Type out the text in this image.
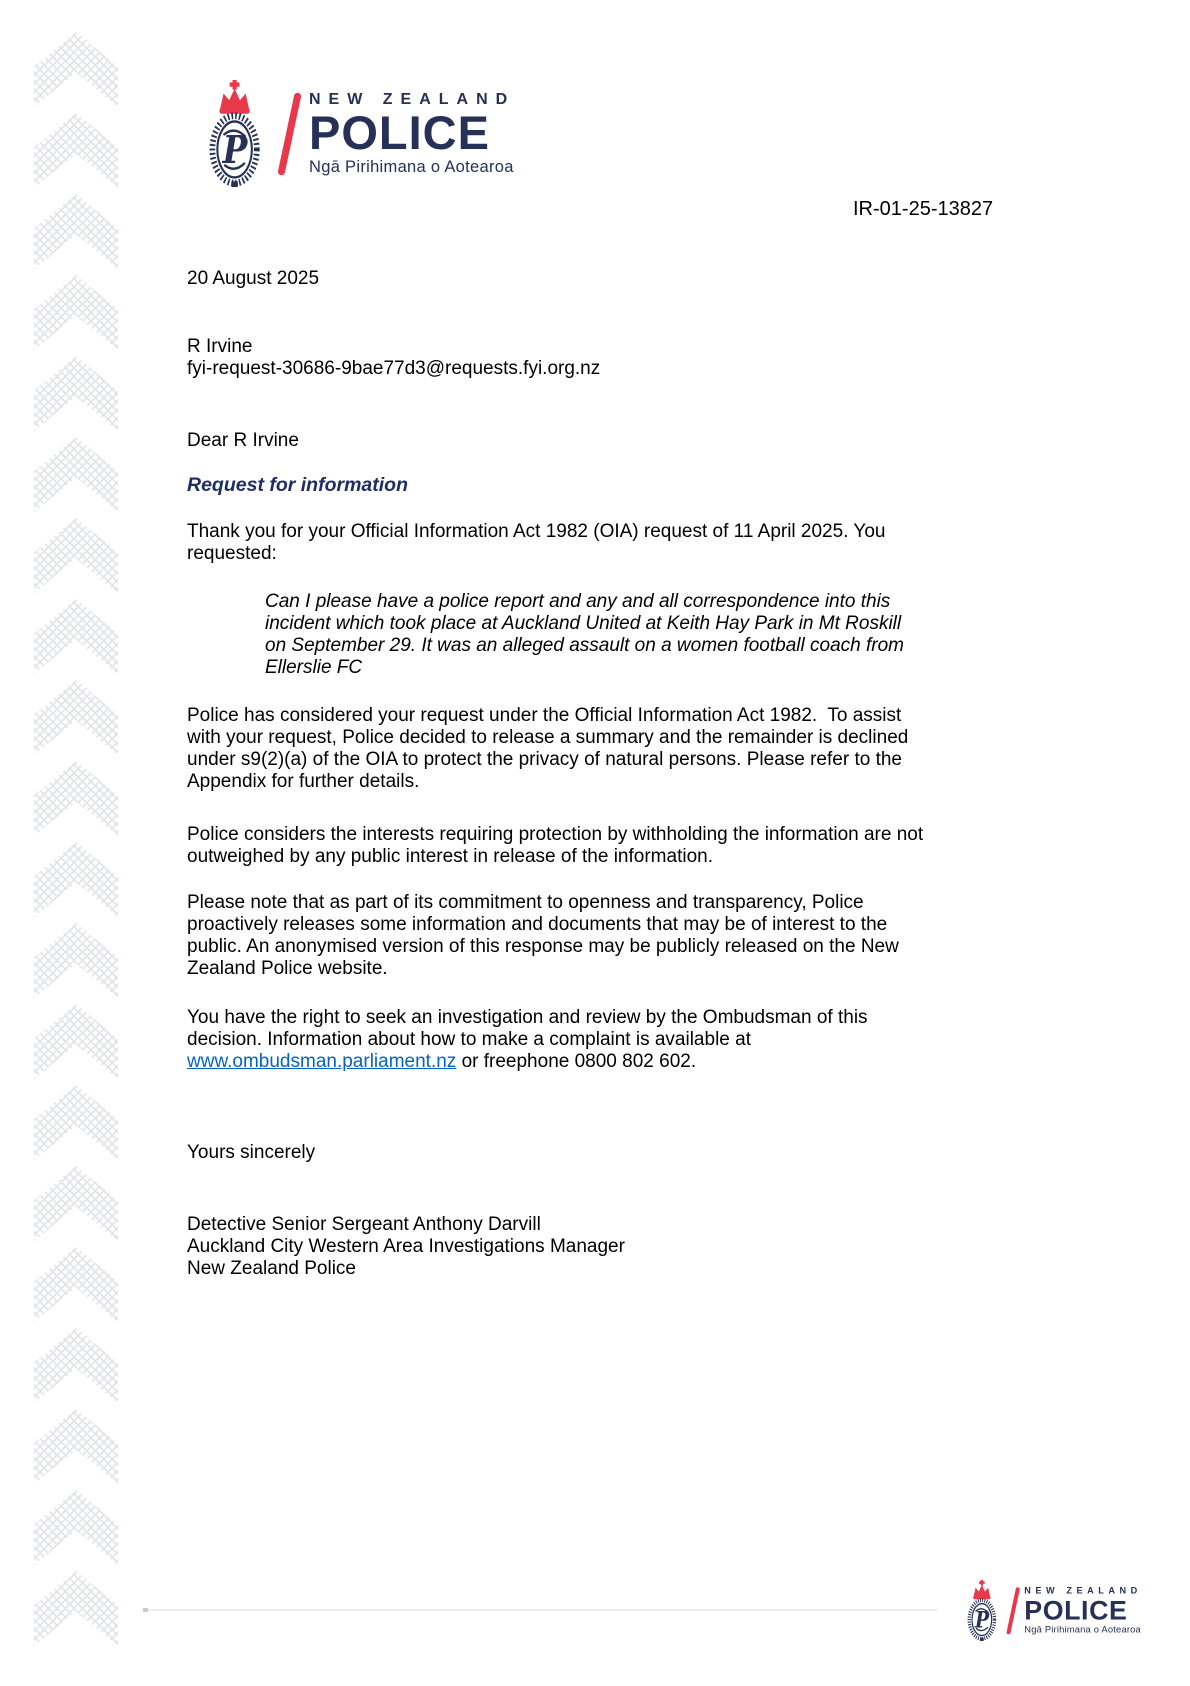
P
NEW ZEALAND
POLICE
Ngā Pirihimana o Aotearoa
IR-01-25-13827
20 August 2025
R Irvine
fyi-request-30686-9bae77d3@requests.fyi.org.nz
Dear R Irvine
Request for information
Thank you for your Official Information Act 1982 (OIA) request of 11 April 2025. You
requested:
Can I please have a police report and any and all correspondence into this
incident which took place at Auckland United at Keith Hay Park in Mt Roskill
on September 29. It was an alleged assault on a women football coach from
Ellerslie FC
Police has considered your request under the Official Information Act 1982.  To assist
with your request, Police decided to release a summary and the remainder is declined
under s9(2)(a) of the OIA to protect the privacy of natural persons. Please refer to the
Appendix for further details.
Police considers the interests requiring protection by withholding the information are not
outweighed by any public interest in release of the information.
Please note that as part of its commitment to openness and transparency, Police
proactively releases some information and documents that may be of interest to the
public. An anonymised version of this response may be publicly released on the New
Zealand Police website.
You have the right to seek an investigation and review by the Ombudsman of this
decision. Information about how to make a complaint is available at
www.ombudsman.parliament.nz or freephone 0800 802 602.
Yours sincerely
Detective Senior Sergeant Anthony Darvill
Auckland City Western Area Investigations Manager
New Zealand Police
P
NEW ZEALAND
POLICE
Ngā Pirihimana o Aotearoa
